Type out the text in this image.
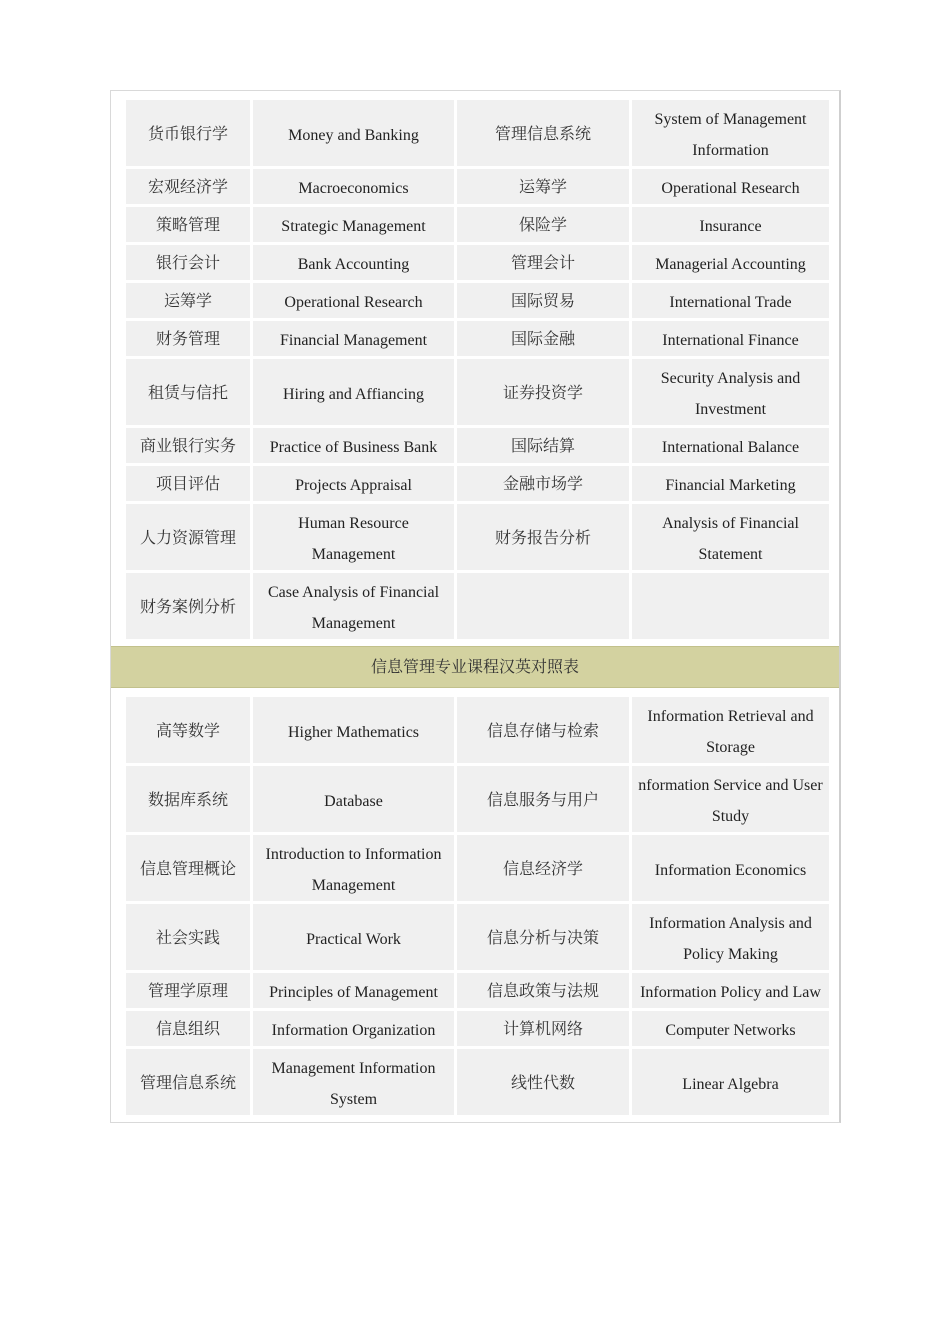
货币银行学	Money and Banking	管理信息系统	System of Management Information
宏观经济学	Macroeconomics	运筹学	Operational Research
策略管理	Strategic Management	保险学	Insurance
银行会计	Bank Accounting	管理会计	Managerial Accounting
运筹学	Operational Research	国际贸易	International Trade
财务管理	Financial Management	国际金融	International Finance
租赁与信托	Hiring and Affiancing	证券投资学	Security Analysis and Investment
商业银行实务	Practice of Business Bank	国际结算	International Balance
项目评估	Projects Appraisal	金融市场学	Financial Marketing
人力资源管理	Human Resource Management	财务报告分析	Analysis of Financial Statement
财务案例分析	Case Analysis of Financial Management		
信息管理专业课程汉英对照表
高等数学	Higher Mathematics	信息存储与检索	Information Retrieval and Storage
数据库系统	Database	信息服务与用户	nformation Service and User Study
信息管理概论	Introduction to Information Management	信息经济学	Information Economics
社会实践	Practical Work	信息分析与决策	Information Analysis and Policy Making
管理学原理	Principles of Management	信息政策与法规	Information Policy and Law
信息组织	Information Organization	计算机网络	Computer Networks
管理信息系统	Management Information System	线性代数	Linear Algebra
